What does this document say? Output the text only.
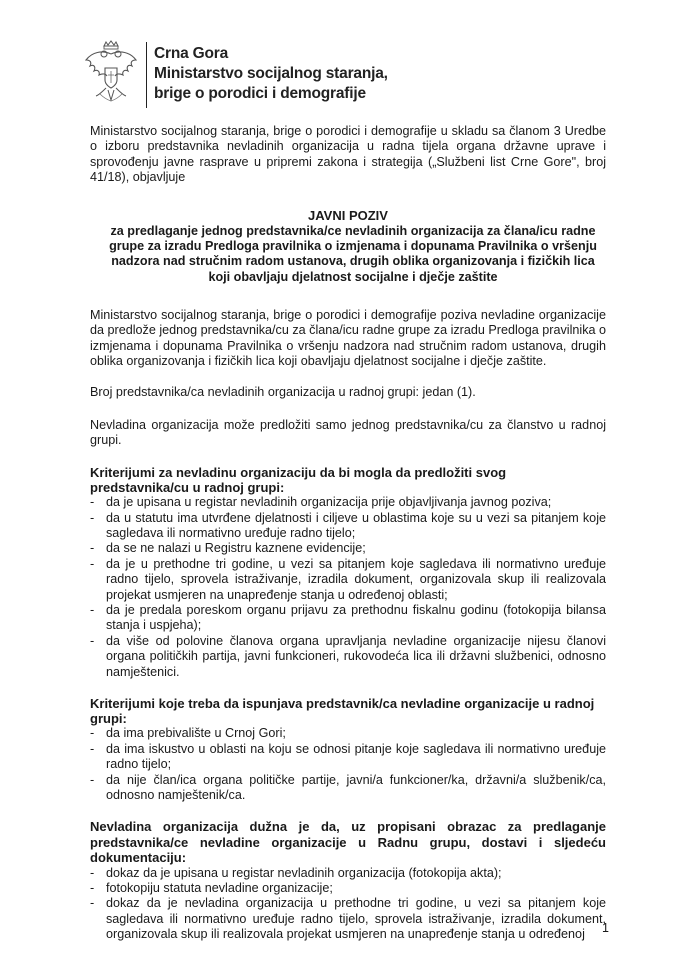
Crna Gora
Ministarstvo socijalnog staranja,
brige o porodici i demografije

Ministarstvo socijalnog staranja, brige o porodici i demografije u skladu sa članom 3 Uredbe o izboru predstavnika nevladinih organizacija u radna tijela organa državne uprave i sprovođenju javne rasprave u pripremi zakona i strategija („Službeni list Crne Gore", broj 41/18), objavljuje

JAVNI POZIV
za predlaganje jednog predstavnika/ce nevladinih organizacija za člana/icu radne grupe za izradu Predloga pravilnika o izmjenama i dopunama Pravilnika o vršenju nadzora nad stručnim radom ustanova, drugih oblika organizovanja i fizičkih lica koji obavljaju djelatnost socijalne i dječje zaštite

Ministarstvo socijalnog staranja, brige o porodici i demografije poziva nevladine organizacije da predlože jednog predstavnika/cu za člana/icu radne grupe za izradu Predloga pravilnika o izmjenama i dopunama Pravilnika o vršenju nadzora nad stručnim radom ustanova, drugih oblika organizovanja i fizičkih lica koji obavljaju djelatnost socijalne i dječje zaštite.

Broj predstavnika/ca nevladinih organizacija u radnoj grupi: jedan (1).

Nevladina organizacija može predložiti samo jednog predstavnika/cu za članstvo u radnoj grupi.

Kriterijumi za nevladinu organizaciju da bi mogla da predložiti svog predstavnika/cu u radnoj grupi:
- da je upisana u registar nevladinih organizacija prije objavljivanja javnog poziva;
- da u statutu ima utvrđene djelatnosti i ciljeve u oblastima koje su u vezi sa pitanjem koje sagledava ili normativno uređuje radno tijelo;
- da se ne nalazi u Registru kaznene evidencije;
- da je u prethodne tri godine, u vezi sa pitanjem koje sagledava ili normativno uređuje radno tijelo, sprovela istraživanje, izradila dokument, organizovala skup ili realizovala projekat usmjeren na unapređenje stanja u određenoj oblasti;
- da je predala poreskom organu prijavu za prethodnu fiskalnu godinu (fotokopija bilansa stanja i uspjeha);
- da više od polovine članova organa upravljanja nevladine organizacije nijesu članovi organa političkih partija, javni funkcioneri, rukovodeća lica ili državni službenici, odnosno namještenici.
Kriterijumi koje treba da ispunjava predstavnik/ca nevladine organizacije u radnoj grupi:
- da ima prebivalište u Crnoj Gori;
- da ima iskustvo u oblasti na koju se odnosi pitanje koje sagledava ili normativno uređuje radno tijelo;
- da nije član/ica organa političke partije, javni/a funkcioner/ka, državni/a službenik/ca, odnosno namještenik/ca.
Nevladina organizacija dužna je da, uz propisani obrazac za predlaganje predstavnika/ce nevladine organizacije u Radnu grupu, dostavi i sljedeću dokumentaciju:
- dokaz da je upisana u registar nevladinih organizacija (fotokopija akta);
- fotokopiju statuta nevladine organizacije;
- dokaz da je nevladina organizacija u prethodne tri godine, u vezi sa pitanjem koje sagledava ili normativno uređuje radno tijelo, sprovela istraživanje, izradila dokument, organizovala skup ili realizovala projekat usmjeren na unapređenje stanja u određenoj	1
